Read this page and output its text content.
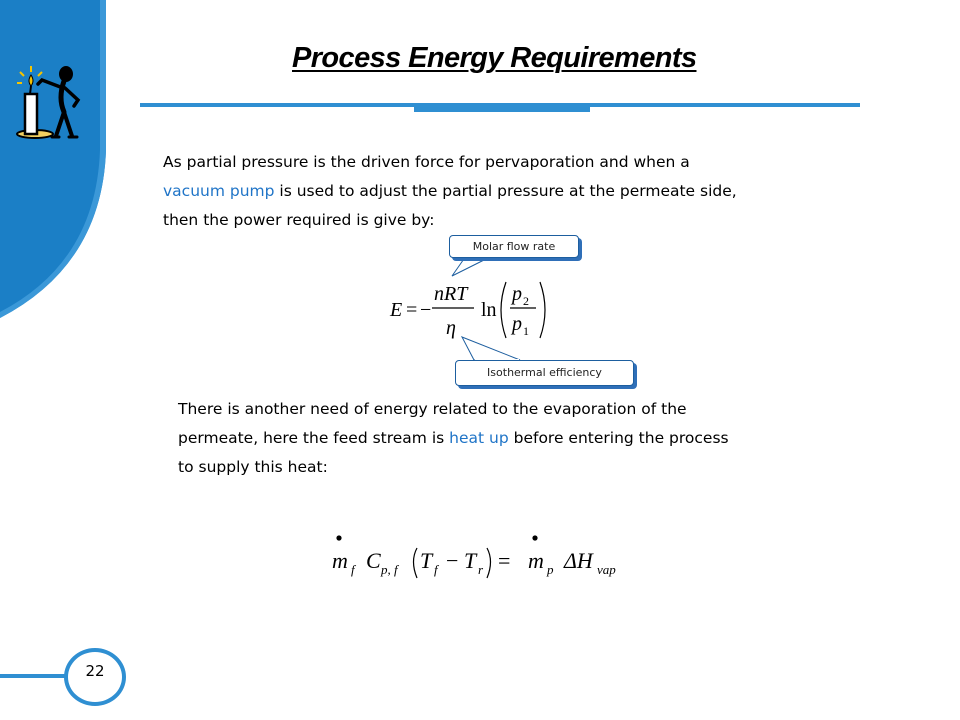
Process Energy Requirements
As partial pressure is the driven force for pervaporation and when a
vacuum pump is used to adjust the partial pressure at the permeate side,
then the power required is give by:
Molar flow rate
Isothermal efficiency
E = −
nRT
η
ln
p 2
p 1
There is another need of energy related to the evaporation of the
permeate, here the feed stream is heat up before entering the process
to supply this heat:
m f C p, f T f − T r = m p ΔH vap
22
